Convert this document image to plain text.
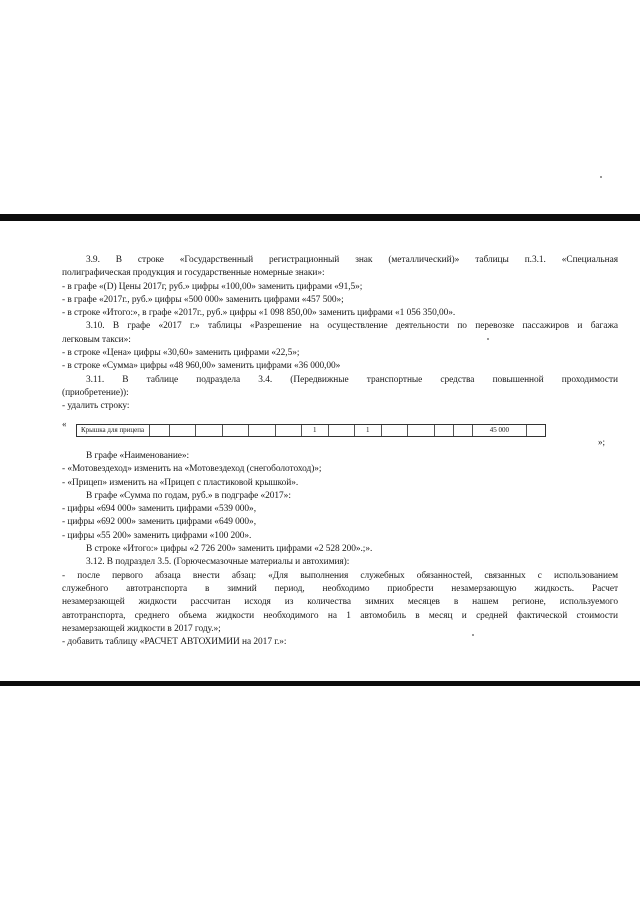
3.9. В строке «Государственный регистрационный знак (металлический)» таблицы п.3.1. «Специальная
полиграфическая продукция и государственные номерные знаки»:
- в графе «(D) Цены 2017г, руб.» цифры «100,00» заменить цифрами «91,5»;
- в графе «2017г., руб.» цифры «500 000» заменить цифрами «457 500»;
- в строке «Итого:», в графе «2017г., руб.» цифры «1 098 850,00» заменить цифрами «1 056 350,00».
3.10. В графе «2017 г.» таблицы «Разрешение на осуществление деятельности по перевозке пассажиров и багажа
легковым такси»:
- в строке «Цена» цифры «30,60» заменить цифрами «22,5»;
- в строке «Сумма» цифры «48 960,00» заменить цифрами «36 000,00»
3.11. В таблице подраздела 3.4. (Передвижные транспортные средства повышенной проходимости
(приобретение)):
- удалить строку:
«
Крышка для прицепа	1	1	45 000
»;
В графе «Наименование»:
- «Мотовездеход» изменить на «Мотовездеход (снегоболотоход)»;
- «Прицеп» изменить на «Прицеп с пластиковой крышкой».
В графе «Сумма по годам, руб.» в подграфе «2017»:
- цифры «694 000» заменить цифрами «539 000»,
- цифры «692 000» заменить цифрами «649 000»,
- цифры «55 200» заменить цифрами «100 200».
В строке «Итого:» цифры «2 726 200» заменить цифрами «2 528 200».;».
3.12. В подраздел 3.5. (Горючесмазочные материалы и автохимия):
- после первого абзаца внести абзац: «Для выполнения служебных обязанностей, связанных с использованием
служебного автотранспорта в зимний период, необходимо приобрести незамерзающую жидкость. Расчет
незамерзающей жидкости рассчитан исходя из количества зимних месяцев в нашем регионе, используемого
автотранспорта, среднего объема жидкости необходимого на 1 автомобиль в месяц и средней фактической стоимости
незамерзающей жидкости в 2017 году.»;
- добавить таблицу «РАСЧЕТ АВТОХИМИИ на 2017 г.»:
